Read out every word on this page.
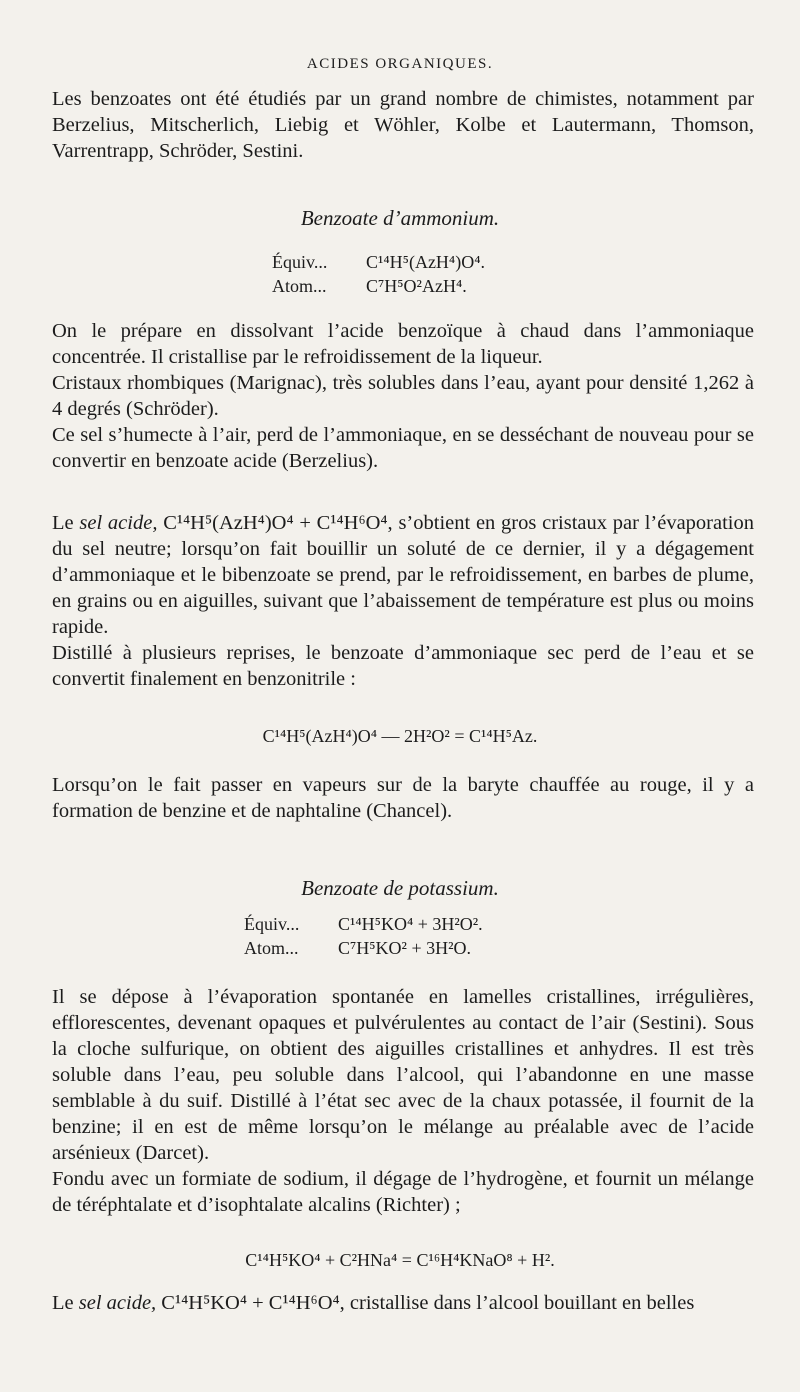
ACIDES ORGANIQUES.

Les benzoates ont été étudiés par un grand nombre de chimistes, notamment par Berzelius, Mitscherlich, Liebig et Wöhler, Kolbe et Lautermann, Thomson, Varrentrapp, Schröder, Sestini.

Benzoate d’ammonium.
Équiv... C¹⁴H⁵(AzH⁴)O⁴.
Atom... C⁷H⁵O²AzH⁴.

On le prépare en dissolvant l’acide benzoïque à chaud dans l’ammoniaque concentrée. Il cristallise par le refroidissement de la liqueur.

Cristaux rhombiques (Marignac), très solubles dans l’eau, ayant pour densité 1,262 à 4 degrés (Schröder).

Ce sel s’humecte à l’air, perd de l’ammoniaque, en se desséchant de nouveau pour se convertir en benzoate acide (Berzelius).

Le sel acide, C¹⁴H⁵(AzH⁴)O⁴ + C¹⁴H⁶O⁴, s’obtient en gros cristaux par l’évaporation du sel neutre; lorsqu’on fait bouillir un soluté de ce dernier, il y a dégagement d’ammoniaque et le bibenzoate se prend, par le refroidissement, en barbes de plume, en grains ou en aiguilles, suivant que l’abaissement de température est plus ou moins rapide.

Distillé à plusieurs reprises, le benzoate d’ammoniaque sec perd de l’eau et se convertit finalement en benzonitrile :

C¹⁴H⁵(AzH⁴)O⁴ — 2H²O² = C¹⁴H⁵Az.

Lorsqu’on le fait passer en vapeurs sur de la baryte chauffée au rouge, il y a formation de benzine et de naphtaline (Chancel).

Benzoate de potassium.
Équiv... C¹⁴H⁵KO⁴ + 3H²O².
Atom... C⁷H⁵KO² + 3H²O.

Il se dépose à l’évaporation spontanée en lamelles cristallines, irrégulières, efflorescentes, devenant opaques et pulvérulentes au contact de l’air (Sestini). Sous la cloche sulfurique, on obtient des aiguilles cristallines et anhydres. Il est très soluble dans l’eau, peu soluble dans l’alcool, qui l’abandonne en une masse semblable à du suif. Distillé à l’état sec avec de la chaux potassée, il fournit de la benzine; il en est de même lorsqu’on le mélange au préalable avec de l’acide arsénieux (Darcet).

Fondu avec un formiate de sodium, il dégage de l’hydrogène, et fournit un mélange de téréphtalate et d’isophtalate alcalins (Richter) ;

C¹⁴H⁵KO⁴ + C²HNa⁴ = C¹⁶H⁴KNaO⁸ + H².

Le sel acide, C¹⁴H⁵KO⁴ + C¹⁴H⁶O⁴, cristallise dans l’alcool bouillant en belles
